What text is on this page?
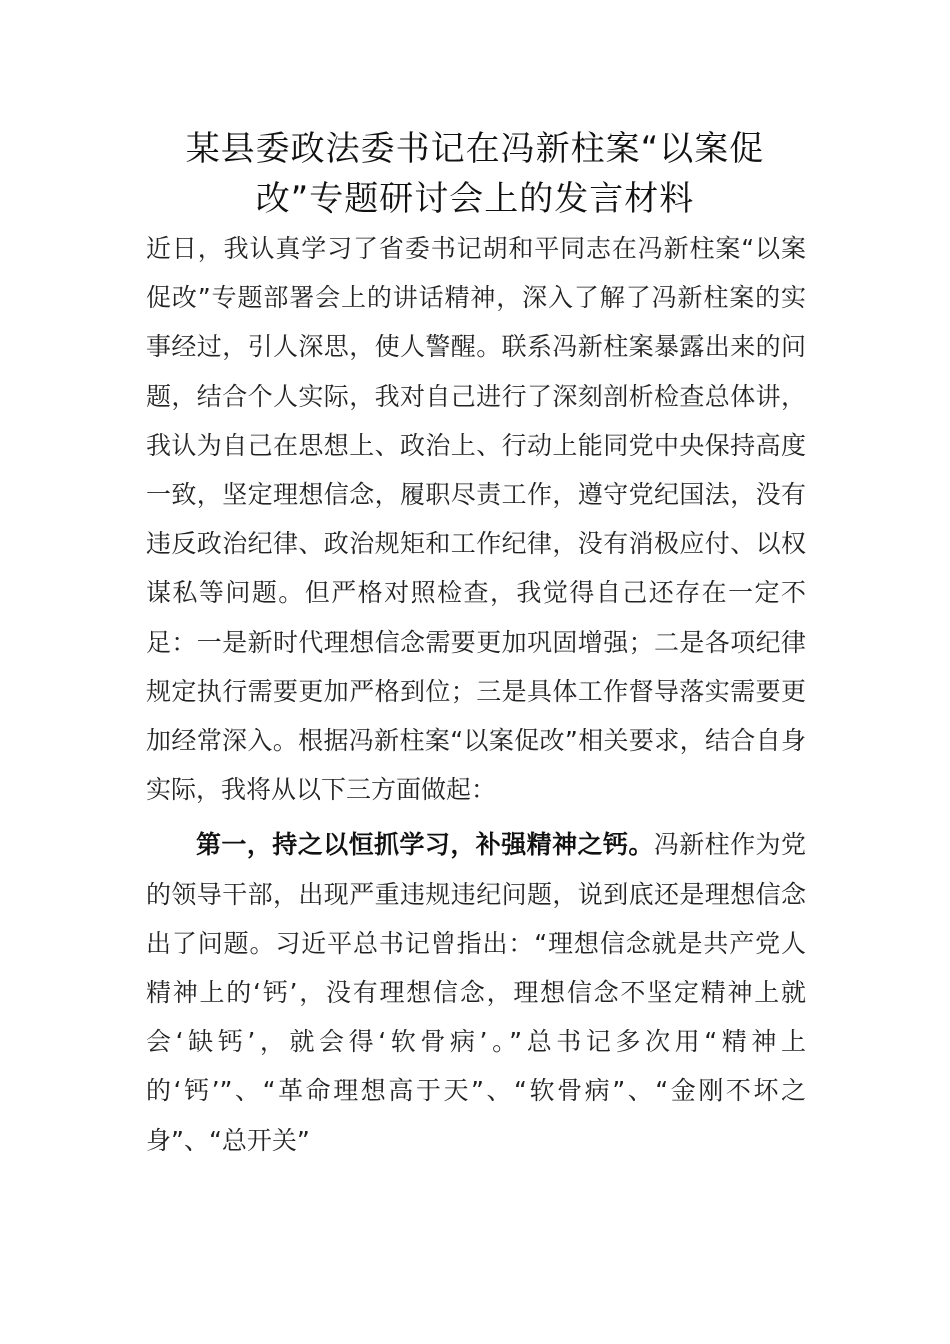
某县委政法委书记在冯新柱案“以案促
改”专题研讨会上的发言材料

近日，我认真学习了省委书记胡和平同志在冯新柱案“以案促改”专题部署会上的讲话精神，深入了解了冯新柱案的实事经过，引人深思，使人警醒。联系冯新柱案暴露出来的问题，结合个人实际，我对自己进行了深刻剖析检查总体讲，我认为自己在思想上、政治上、行动上能同党中央保持高度一致，坚定理想信念，履职尽责工作，遵守党纪国法，没有违反政治纪律、政治规矩和工作纪律，没有消极应付、以权谋私等问题。但严格对照检查，我觉得自己还存在一定不足：一是新时代理想信念需要更加巩固增强；二是各项纪律规定执行需要更加严格到位；三是具体工作督导落实需要更加经常深入。根据冯新柱案“以案促改”相关要求，结合自身实际，我将从以下三方面做起：

第一，持之以恒抓学习，补强精神之钙。冯新柱作为党的领导干部，出现严重违规违纪问题，说到底还是理想信念出了问题。习近平总书记曾指出：“理想信念就是共产党人精神上的‘钙’，没有理想信念，理想信念不坚定精神上就会‘缺钙’，就会得‘软骨病’。”总书记多次用“精神上的‘钙’”、“革命理想高于天”、“软骨病”、“金刚不坏之身”、“总开关”
